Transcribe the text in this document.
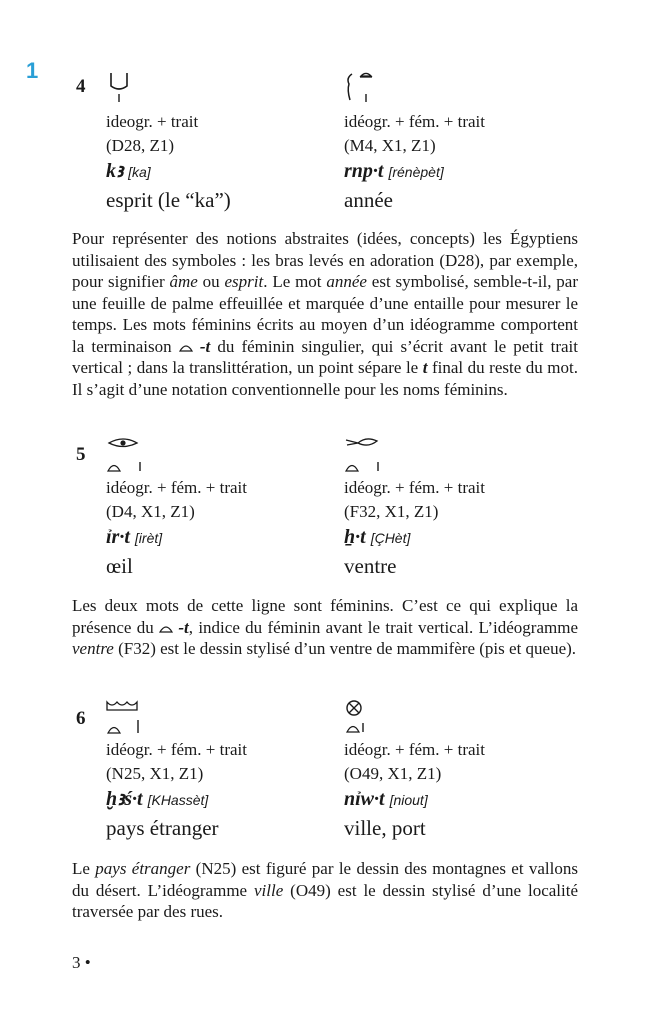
1
4
ideogr. + trait
(D28, Z1)
kꜣ [ka]
esprit (le “ka”)
idéogr. + fém. + trait
(M4, X1, Z1)
rnp·t [rénèpèt]
année
Pour représenter des notions abstraites (idées, concepts) les Égyptiens utilisaient des symboles : les bras levés en adoration (D28), par exemple, pour signifier âme ou esprit. Le mot année est symbolisé, semble-t-il, par une feuille de palme effeuillée et marquée d’une entaille pour mesurer le temps. Les mots féminins écrits au moyen d’un idéogramme comportent la terminaison  -t du féminin singulier, qui s’écrit avant le petit trait vertical ; dans la translittération, un point sépare le t final du reste du mot. Il s’agit d’une notation conventionnelle pour les noms féminins.
5
idéogr. + fém. + trait
(D4, X1, Z1)
ỉr·t [irèt]
œil
idéogr. + fém. + trait
(F32, X1, Z1)
ẖ·t [ÇHèt]
ventre
Les deux mots de cette ligne sont féminins. C’est ce qui explique la présence du  -t, indice du féminin avant le trait vertical. L’idéogramme ventre (F32) est le dessin stylisé d’un ventre de mammifère (pis et queue).
6
idéogr. + fém. + trait
(N25, X1, Z1)
ḫꜣś·t [KHassèt]
pays étranger
idéogr. + fém. + trait
(O49, X1, Z1)
nỉw·t [niout]
ville, port
Le pays étranger (N25) est figuré par le dessin des montagnes et vallons du désert. L’idéogramme ville (O49) est le dessin stylisé d’une localité traversée par des rues.
3 •
